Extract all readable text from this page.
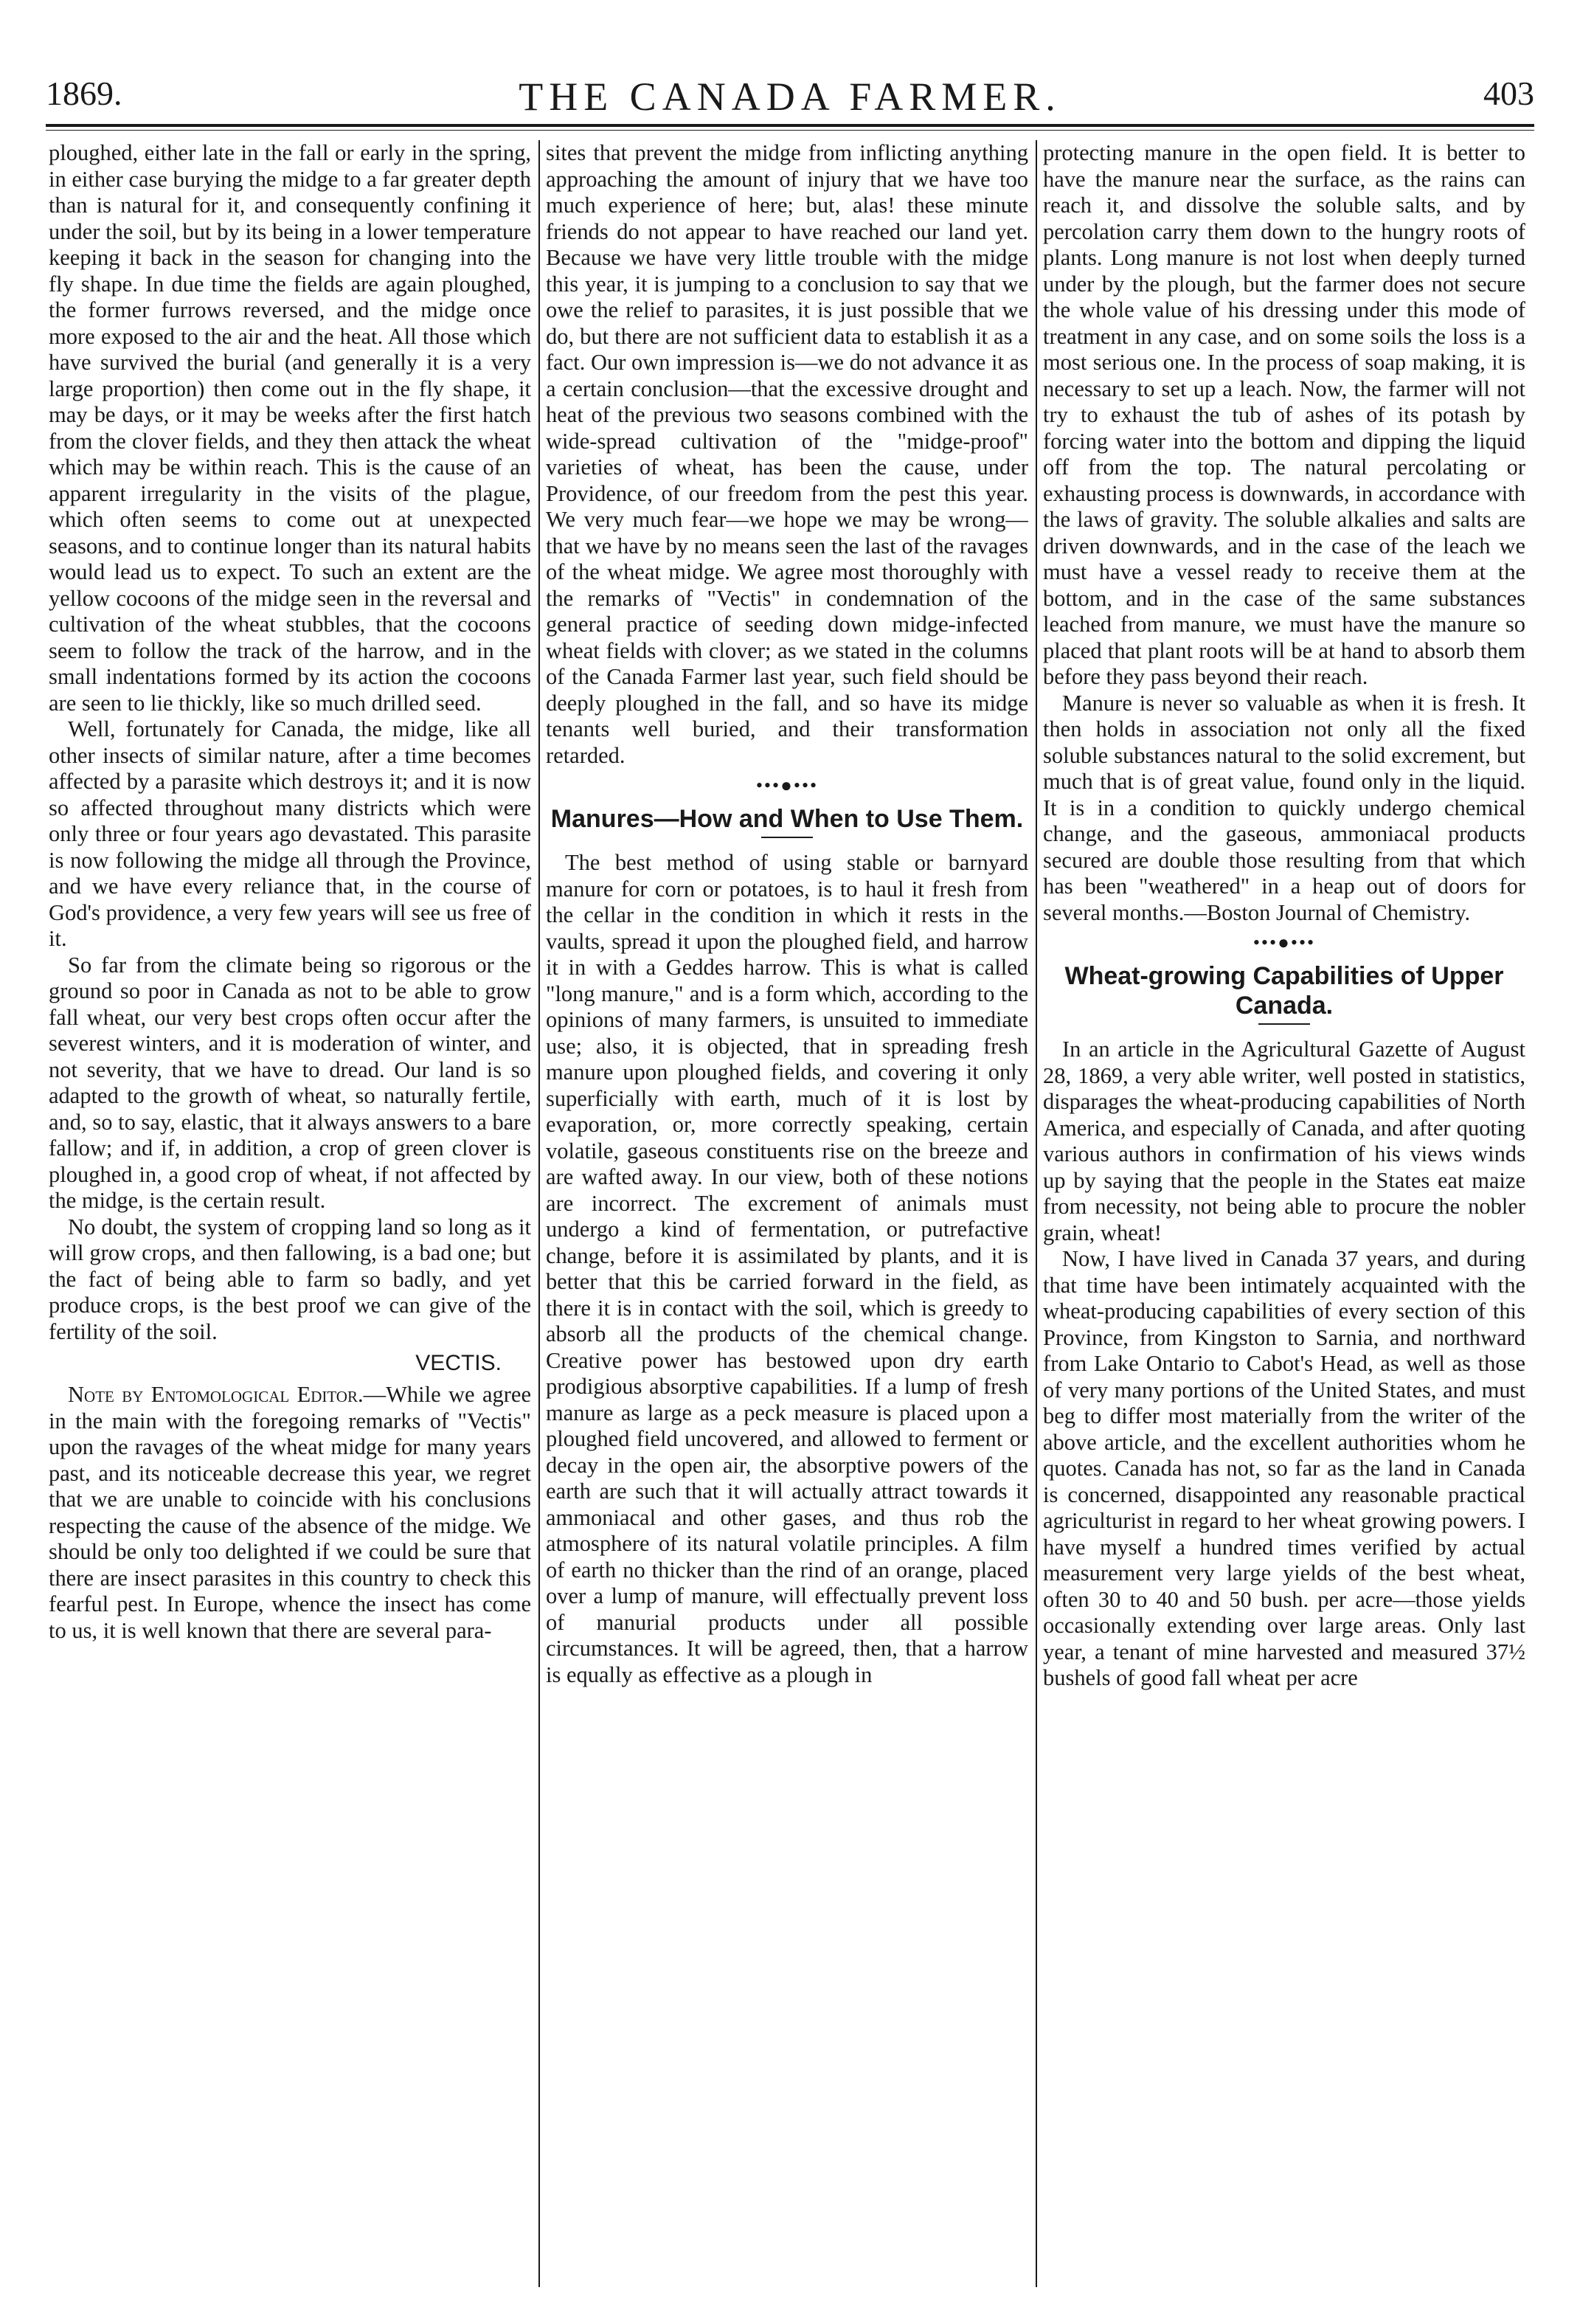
1869.	THE CANADA FARMER.	403

ploughed, either late in the fall or early in the spring, in either case burying the midge to a far greater depth than is natural for it, and consequently confining it under the soil, but by its being in a lower temperature keeping it back in the season for changing into the fly shape. In due time the fields are again ploughed, the former furrows reversed, and the midge once more exposed to the air and the heat. All those which have survived the burial (and generally it is a very large proportion) then come out in the fly shape, it may be days, or it may be weeks after the first hatch from the clover fields, and they then attack the wheat which may be within reach. This is the cause of an apparent irregularity in the visits of the plague, which often seems to come out at unexpected seasons, and to continue longer than its natural habits would lead us to expect. To such an extent are the yellow cocoons of the midge seen in the reversal and cultivation of the wheat stubbles, that the cocoons seem to follow the track of the harrow, and in the small indentations formed by its action the cocoons are seen to lie thickly, like so much drilled seed.

Well, fortunately for Canada, the midge, like all other insects of similar nature, after a time becomes affected by a parasite which destroys it; and it is now so affected throughout many districts which were only three or four years ago devastated. This parasite is now following the midge all through the Province, and we have every reliance that, in the course of God's providence, a very few years will see us free of it.

So far from the climate being so rigorous or the ground so poor in Canada as not to be able to grow fall wheat, our very best crops often occur after the severest winters, and it is moderation of winter, and not severity, that we have to dread. Our land is so adapted to the growth of wheat, so naturally fertile, and, so to say, elastic, that it always answers to a bare fallow; and if, in addition, a crop of green clover is ploughed in, a good crop of wheat, if not affected by the midge, is the certain result.

No doubt, the system of cropping land so long as it will grow crops, and then fallowing, is a bad one; but the fact of being able to farm so badly, and yet produce crops, is the best proof we can give of the fertility of the soil.

VECTIS.

Note by Entomological Editor.—While we agree in the main with the foregoing remarks of "Vectis" upon the ravages of the wheat midge for many years past, and its noticeable decrease this year, we regret that we are unable to coincide with his conclusions respecting the cause of the absence of the midge. We should be only too delighted if we could be sure that there are insect parasites in this country to check this fearful pest. In Europe, whence the insect has come to us, it is well known that there are several para-

sites that prevent the midge from inflicting anything approaching the amount of injury that we have too much experience of here; but, alas! these minute friends do not appear to have reached our land yet. Because we have very little trouble with the midge this year, it is jumping to a conclusion to say that we owe the relief to parasites, it is just possible that we do, but there are not sufficient data to establish it as a fact. Our own impression is—we do not advance it as a certain conclusion—that the excessive drought and heat of the previous two seasons combined with the wide-spread cultivation of the "midge-proof" varieties of wheat, has been the cause, under Providence, of our freedom from the pest this year. We very much fear—we hope we may be wrong—that we have by no means seen the last of the ravages of the wheat midge. We agree most thoroughly with the remarks of "Vectis" in condemnation of the general practice of seeding down midge-infected wheat fields with clover; as we stated in the columns of the Canada Farmer last year, such field should be deeply ploughed in the fall, and so have its midge tenants well buried, and their transformation retarded.

•••●•••
Manures—How and When to Use Them.

The best method of using stable or barnyard manure for corn or potatoes, is to haul it fresh from the cellar in the condition in which it rests in the vaults, spread it upon the ploughed field, and harrow it in with a Geddes harrow. This is what is called "long manure," and is a form which, according to the opinions of many farmers, is unsuited to immediate use; also, it is objected, that in spreading fresh manure upon ploughed fields, and covering it only superficially with earth, much of it is lost by evaporation, or, more correctly speaking, certain volatile, gaseous constituents rise on the breeze and are wafted away. In our view, both of these notions are incorrect. The excrement of animals must undergo a kind of fermentation, or putrefactive change, before it is assimilated by plants, and it is better that this be carried forward in the field, as there it is in contact with the soil, which is greedy to absorb all the products of the chemical change. Creative power has bestowed upon dry earth prodigious absorptive capabilities. If a lump of fresh manure as large as a peck measure is placed upon a ploughed field uncovered, and allowed to ferment or decay in the open air, the absorptive powers of the earth are such that it will actually attract towards it ammoniacal and other gases, and thus rob the atmosphere of its natural volatile principles. A film of earth no thicker than the rind of an orange, placed over a lump of manure, will effectually prevent loss of manurial products under all possible circumstances. It will be agreed, then, that a harrow is equally as effective as a plough in

protecting manure in the open field. It is better to have the manure near the surface, as the rains can reach it, and dissolve the soluble salts, and by percolation carry them down to the hungry roots of plants. Long manure is not lost when deeply turned under by the plough, but the farmer does not secure the whole value of his dressing under this mode of treatment in any case, and on some soils the loss is a most serious one. In the process of soap making, it is necessary to set up a leach. Now, the farmer will not try to exhaust the tub of ashes of its potash by forcing water into the bottom and dipping the liquid off from the top. The natural percolating or exhausting process is downwards, in accordance with the laws of gravity. The soluble alkalies and salts are driven downwards, and in the case of the leach we must have a vessel ready to receive them at the bottom, and in the case of the same substances leached from manure, we must have the manure so placed that plant roots will be at hand to absorb them before they pass beyond their reach.

Manure is never so valuable as when it is fresh. It then holds in association not only all the fixed soluble substances natural to the solid excrement, but much that is of great value, found only in the liquid. It is in a condition to quickly undergo chemical change, and the gaseous, ammoniacal products secured are double those resulting from that which has been "weathered" in a heap out of doors for several months.—Boston Journal of Chemistry.

•••●•••
Wheat-growing Capabilities of Upper Canada.

In an article in the Agricultural Gazette of August 28, 1869, a very able writer, well posted in statistics, disparages the wheat-producing capabilities of North America, and especially of Canada, and after quoting various authors in confirmation of his views winds up by saying that the people in the States eat maize from necessity, not being able to procure the nobler grain, wheat!

Now, I have lived in Canada 37 years, and during that time have been intimately acquainted with the wheat-producing capabilities of every section of this Province, from Kingston to Sarnia, and northward from Lake Ontario to Cabot's Head, as well as those of very many portions of the United States, and must beg to differ most materially from the writer of the above article, and the excellent authorities whom he quotes. Canada has not, so far as the land in Canada is concerned, disappointed any reasonable practical agriculturist in regard to her wheat growing powers. I have myself a hundred times verified by actual measurement very large yields of the best wheat, often 30 to 40 and 50 bush. per acre—those yields occasionally extending over large areas. Only last year, a tenant of mine harvested and measured 37½ bushels of good fall wheat per acre
